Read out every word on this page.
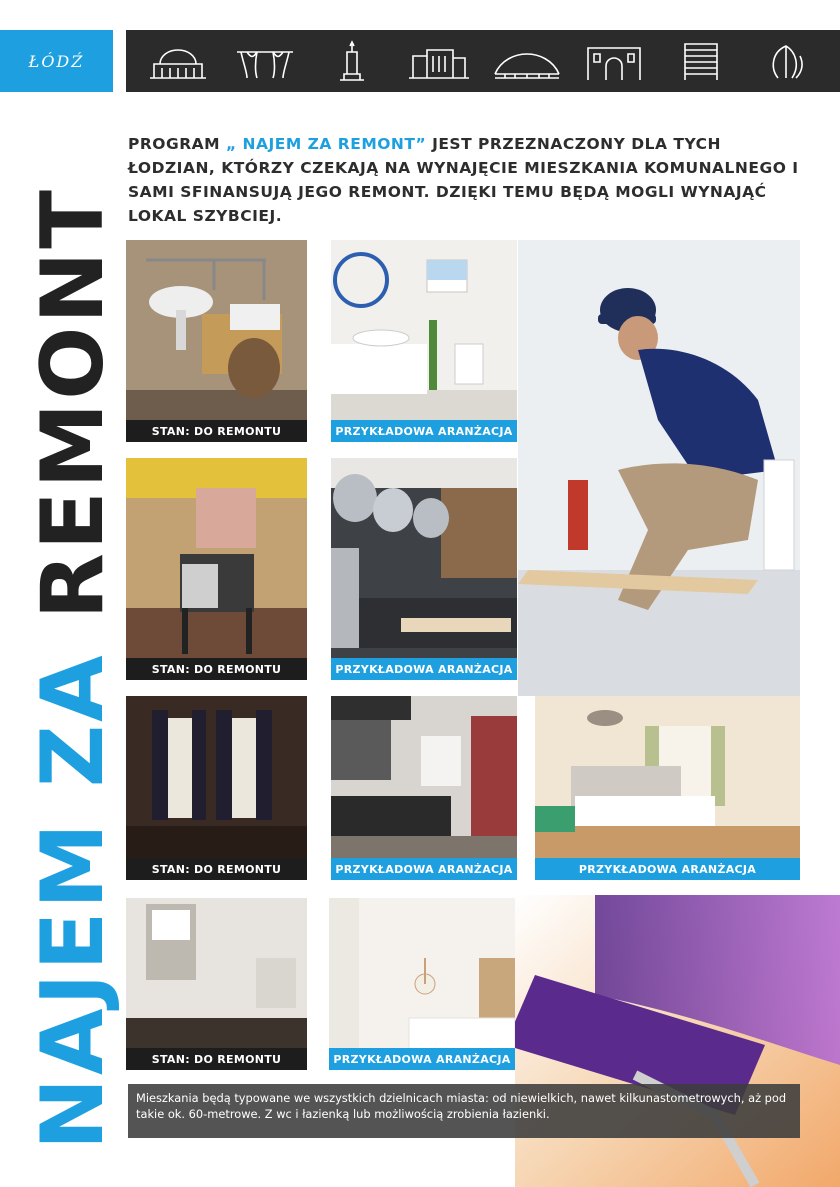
ŁÓDŹ
NAJEM ZA REMONT

PROGRAM „ NAJEM ZA REMONT” JEST PRZEZNACZONY DLA TYCH ŁODZIAN, KTÓRZY CZEKAJĄ NA WYNAJĘCIE MIESZKANIA KOMUNALNEGO I SAMI SFINANSUJĄ JEGO REMONT. DZIĘKI TEMU BĘDĄ MOGLI WYNAJĄĆ LOKAL SZYBCIEJ.

STAN: DO REMONTU	PRZYKŁADOWA ARANŻACJA
STAN: DO REMONTU	PRZYKŁADOWA ARANŻACJA
STAN: DO REMONTU	PRZYKŁADOWA ARANŻACJA	PRZYKŁADOWA ARANŻACJA
STAN: DO REMONTU	PRZYKŁADOWA ARANŻACJA

Mieszkania będą typowane we wszystkich dzielnicach miasta: od niewielkich, nawet kilkunastometrowych, aż pod takie ok. 60-metrowe. Z wc i łazienką lub możliwością zrobienia łazienki.
